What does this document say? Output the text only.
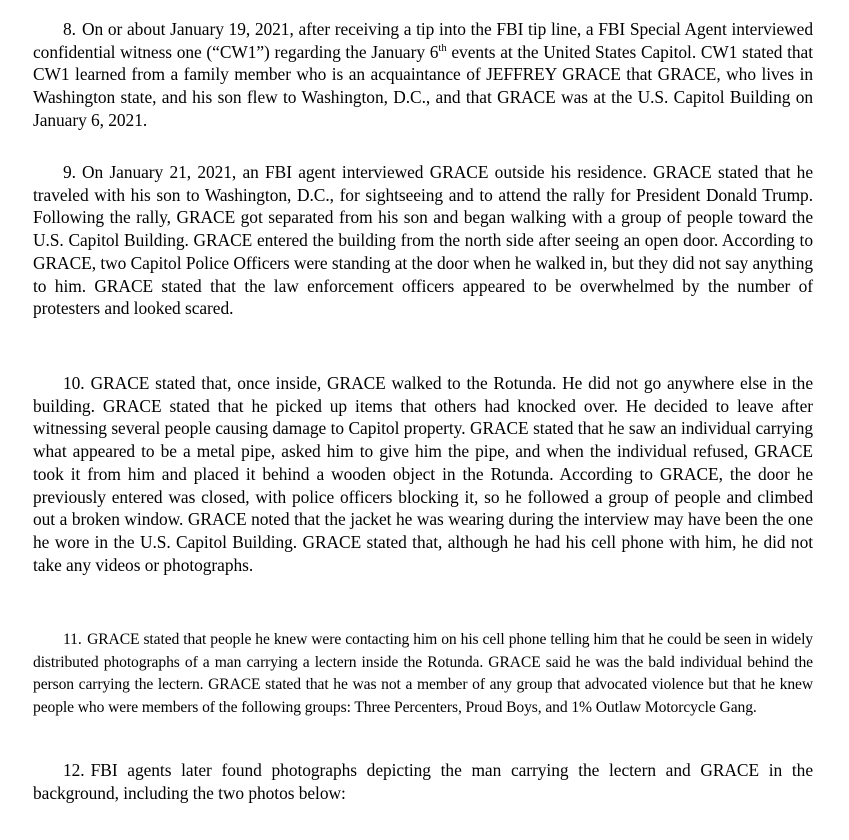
8. On or about January 19, 2021, after receiving a tip into the FBI tip line, a FBI Special Agent interviewed confidential witness one (“CW1”) regarding the January 6th events at the United States Capitol. CW1 stated that CW1 learned from a family member who is an acquaintance of JEFFREY GRACE that GRACE, who lives in Washington state, and his son flew to Washington, D.C., and that GRACE was at the U.S. Capitol Building on January 6, 2021.

9. On January 21, 2021, an FBI agent interviewed GRACE outside his residence. GRACE stated that he traveled with his son to Washington, D.C., for sightseeing and to attend the rally for President Donald Trump. Following the rally, GRACE got separated from his son and began walking with a group of people toward the U.S. Capitol Building. GRACE entered the building from the north side after seeing an open door. According to GRACE, two Capitol Police Officers were standing at the door when he walked in, but they did not say anything to him. GRACE stated that the law enforcement officers appeared to be overwhelmed by the number of protesters and looked scared.

10. GRACE stated that, once inside, GRACE walked to the Rotunda. He did not go anywhere else in the building. GRACE stated that he picked up items that others had knocked over. He decided to leave after witnessing several people causing damage to Capitol property. GRACE stated that he saw an individual carrying what appeared to be a metal pipe, asked him to give him the pipe, and when the individual refused, GRACE took it from him and placed it behind a wooden object in the Rotunda. According to GRACE, the door he previously entered was closed, with police officers blocking it, so he followed a group of people and climbed out a broken window. GRACE noted that the jacket he was wearing during the interview may have been the one he wore in the U.S. Capitol Building. GRACE stated that, although he had his cell phone with him, he did not take any videos or photographs.

11. GRACE stated that people he knew were contacting him on his cell phone telling him that he could be seen in widely distributed photographs of a man carrying a lectern inside the Rotunda. GRACE said he was the bald individual behind the person carrying the lectern. GRACE stated that he was not a member of any group that advocated violence but that he knew people who were members of the following groups: Three Percenters, Proud Boys, and 1% Outlaw Motorcycle Gang.

12. FBI agents later found photographs depicting the man carrying the lectern and GRACE in the background, including the two photos below:
